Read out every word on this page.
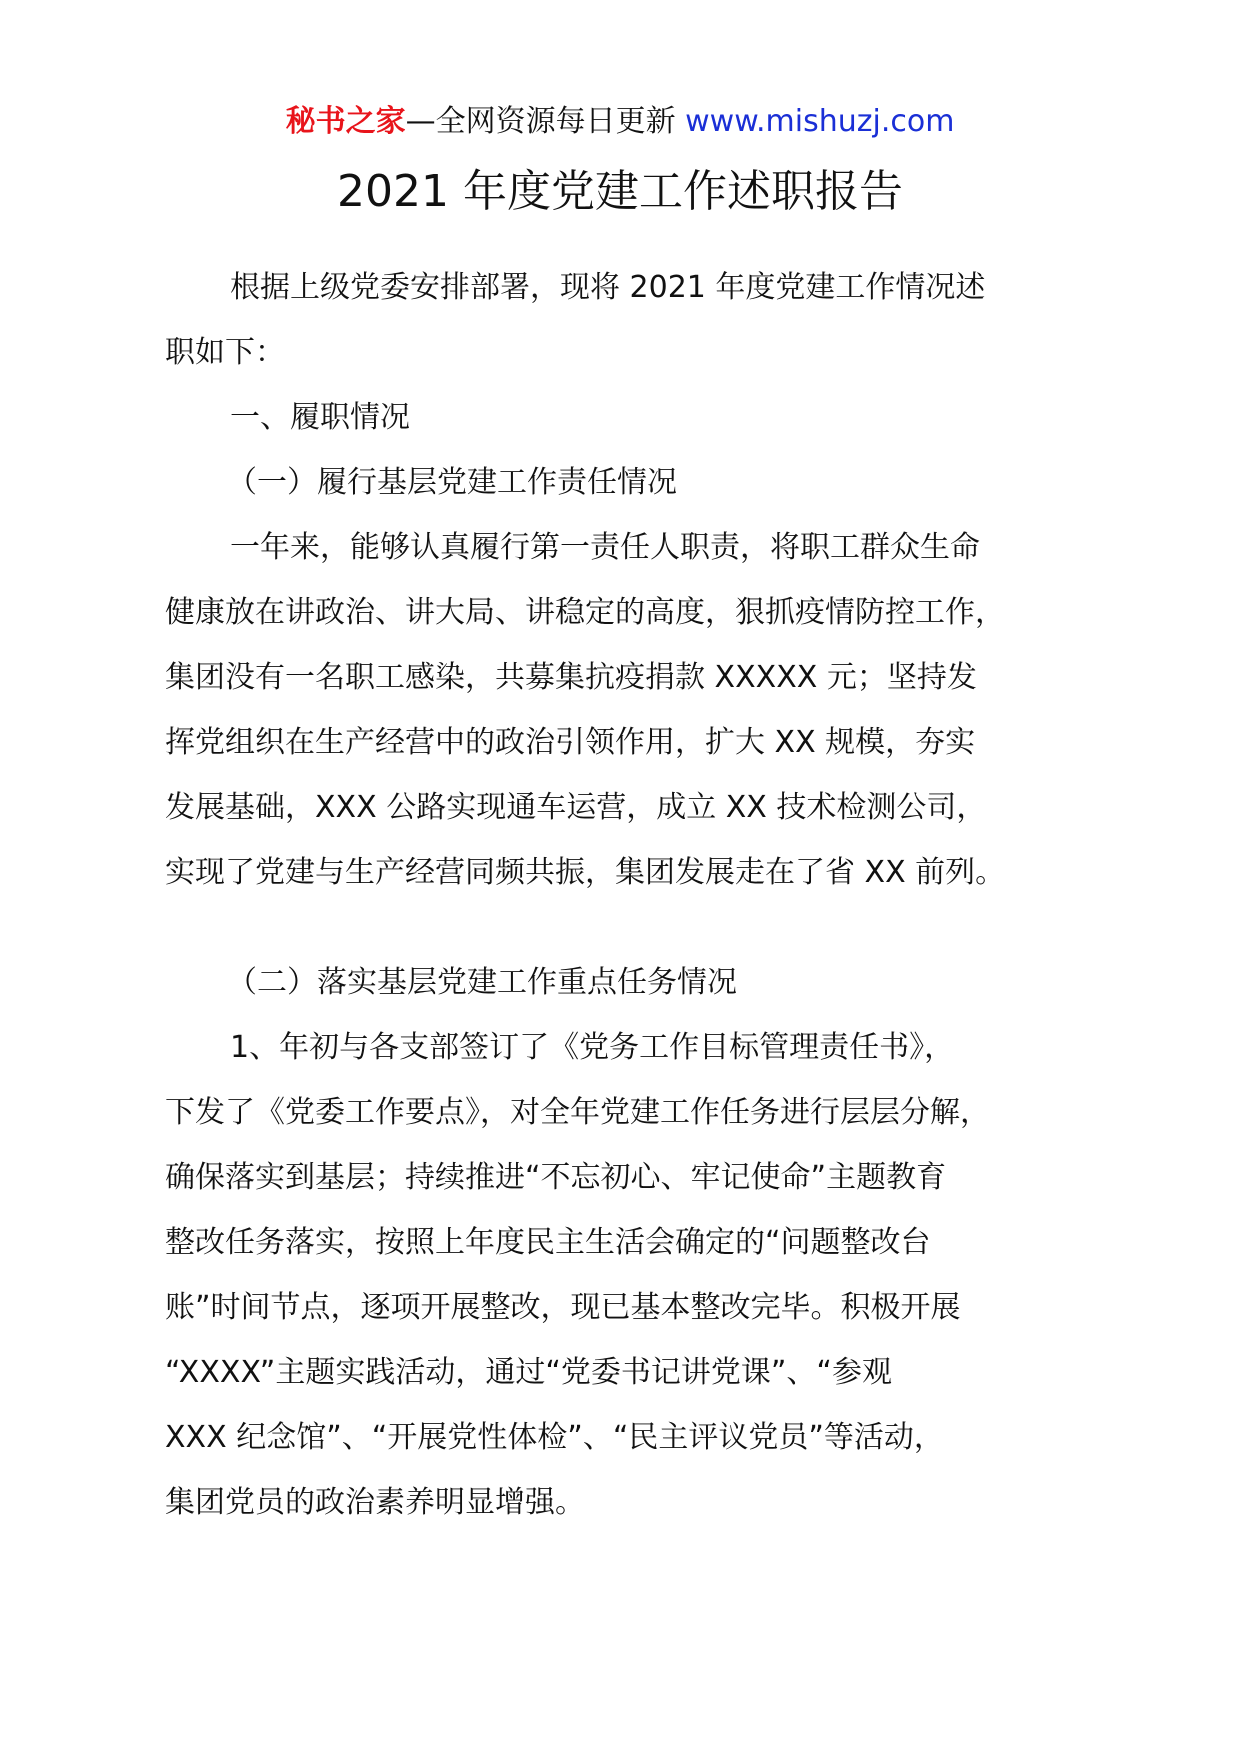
秘书之家—全网资源每日更新 www.mishuzj.com
2021 年度党建工作述职报告
根据上级党委安排部署，现将 2021 年度党建工作情况述
职如下：
一、履职情况
（一）履行基层党建工作责任情况
一年来，能够认真履行第一责任人职责，将职工群众生命
健康放在讲政治、讲大局、讲稳定的高度，狠抓疫情防控工作，
集团没有一名职工感染，共募集抗疫捐款 XXXXX 元；坚持发
挥党组织在生产经营中的政治引领作用，扩大 XX 规模，夯实
发展基础，XXX 公路实现通车运营，成立 XX 技术检测公司，
实现了党建与生产经营同频共振，集团发展走在了省 XX 前列。
（二）落实基层党建工作重点任务情况
1、年初与各支部签订了《党务工作目标管理责任书》，
下发了《党委工作要点》，对全年党建工作任务进行层层分解，
确保落实到基层；持续推进“不忘初心、牢记使命”主题教育
整改任务落实，按照上年度民主生活会确定的“问题整改台
账”时间节点，逐项开展整改，现已基本整改完毕。积极开展
“XXXX”主题实践活动，通过“党委书记讲党课”、“参观
XXX 纪念馆”、“开展党性体检”、“民主评议党员”等活动，
集团党员的政治素养明显增强。
